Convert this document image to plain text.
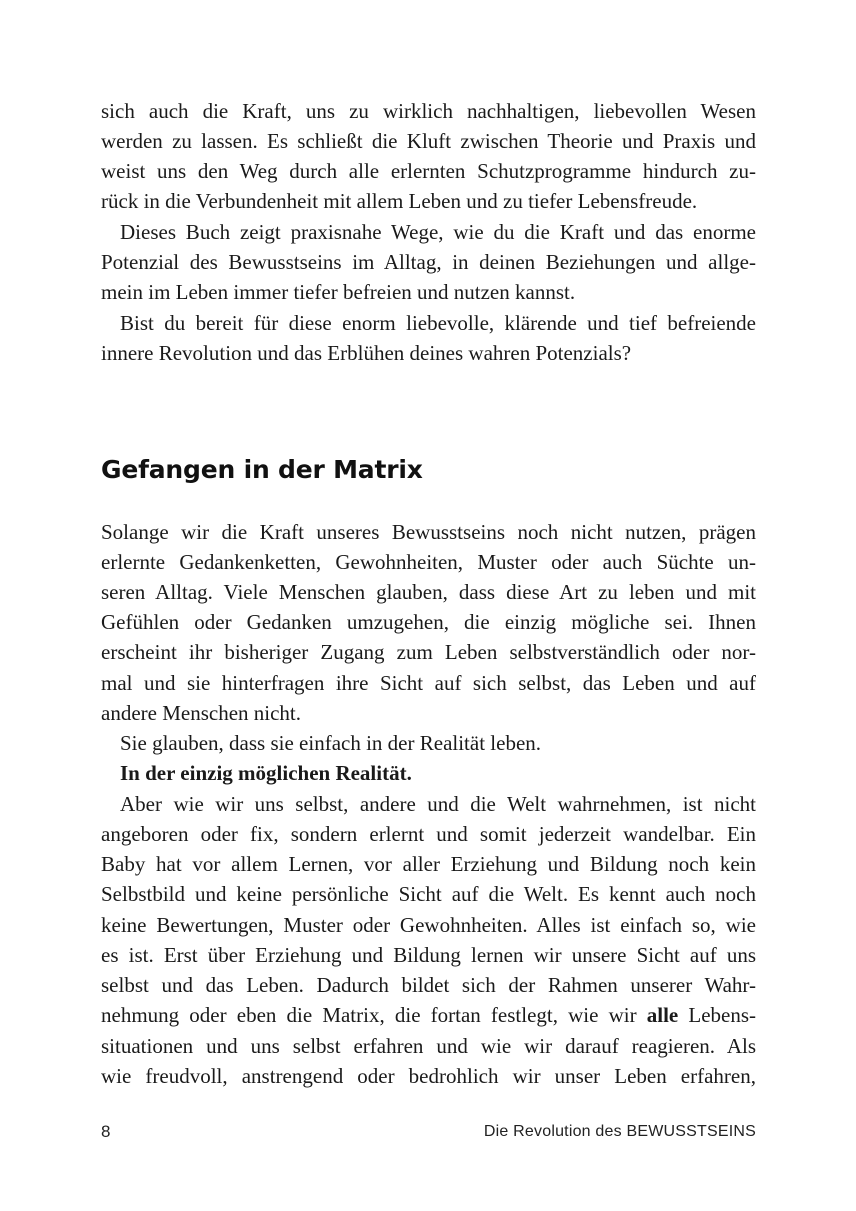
sich auch die Kraft, uns zu wirklich nachhaltigen, liebevollen Wesen
werden zu lassen. Es schließt die Kluft zwischen Theorie und Praxis und
weist uns den Weg durch alle erlernten Schutzprogramme hindurch zu-
rück in die Verbundenheit mit allem Leben und zu tiefer Lebensfreude.
Dieses Buch zeigt praxisnahe Wege, wie du die Kraft und das enorme
Potenzial des Bewusstseins im Alltag, in deinen Beziehungen und allge-
mein im Leben immer tiefer befreien und nutzen kannst.
Bist du bereit für diese enorm liebevolle, klärende und tief befreiende
innere Revolution und das Erblühen deines wahren Potenzials?
Gefangen in der Matrix
Solange wir die Kraft unseres Bewusstseins noch nicht nutzen, prägen
erlernte Gedankenketten, Gewohnheiten, Muster oder auch Süchte un-
seren Alltag. Viele Menschen glauben, dass diese Art zu leben und mit
Gefühlen oder Gedanken umzugehen, die einzig mögliche sei. Ihnen
erscheint ihr bisheriger Zugang zum Leben selbstverständlich oder nor-
mal und sie hinterfragen ihre Sicht auf sich selbst, das Leben und auf
andere Menschen nicht.
Sie glauben, dass sie einfach in der Realität leben.
In der einzig möglichen Realität.
Aber wie wir uns selbst, andere und die Welt wahrnehmen, ist nicht
angeboren oder fix, sondern erlernt und somit jederzeit wandelbar. Ein
Baby hat vor allem Lernen, vor aller Erziehung und Bildung noch kein
Selbstbild und keine persönliche Sicht auf die Welt. Es kennt auch noch
keine Bewertungen, Muster oder Gewohnheiten. Alles ist einfach so, wie
es ist. Erst über Erziehung und Bildung lernen wir unsere Sicht auf uns
selbst und das Leben. Dadurch bildet sich der Rahmen unserer Wahr-
nehmung oder eben die Matrix, die fortan festlegt, wie wir alle Lebens-
situationen und uns selbst erfahren und wie wir darauf reagieren. Als
wie freudvoll, anstrengend oder bedrohlich wir unser Leben erfahren,
8	Die Revolution des BEWUSSTSEINS
